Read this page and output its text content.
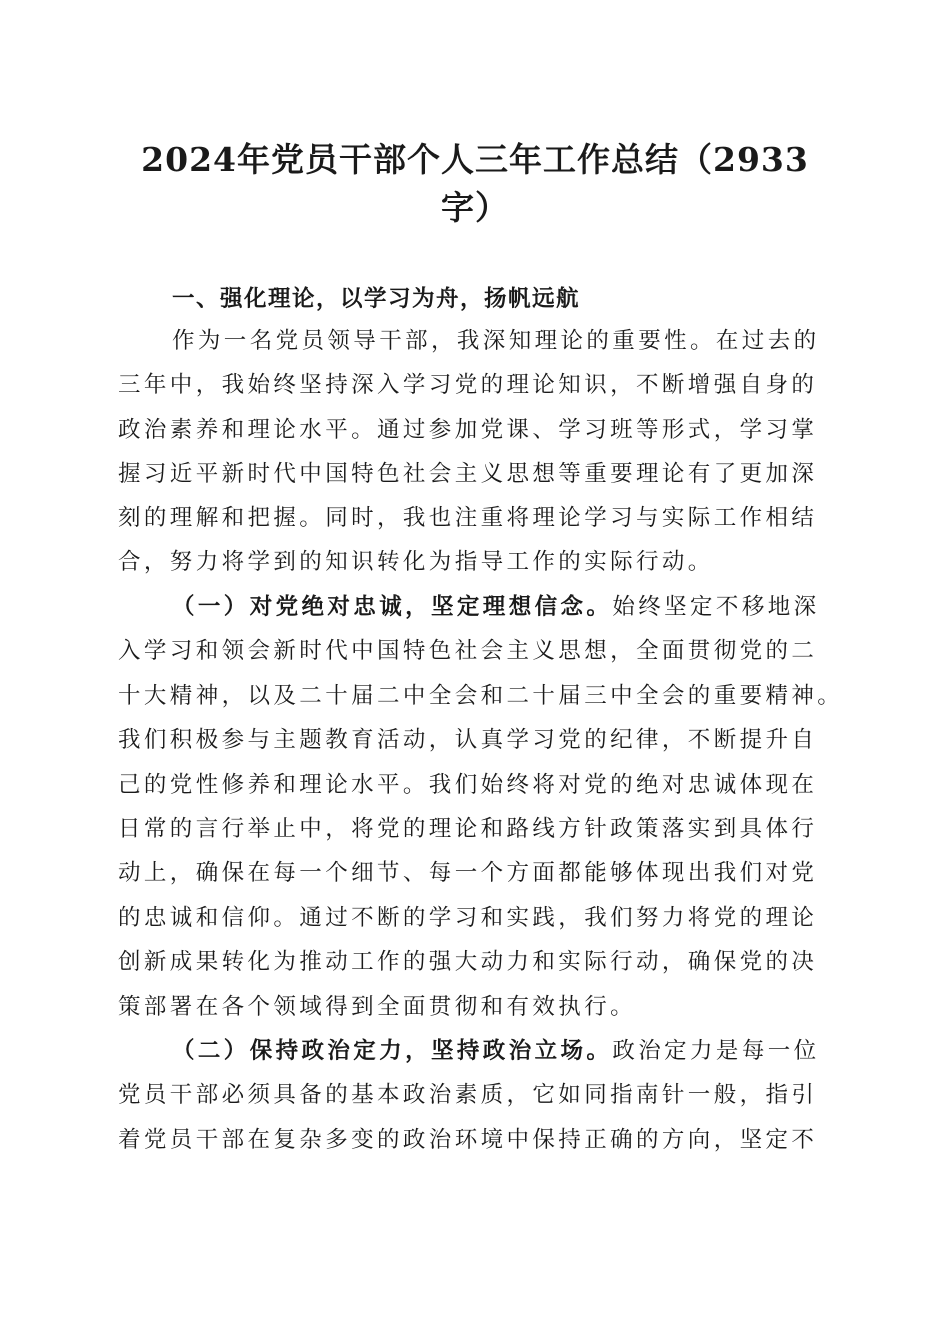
2024年党员干部个人三年工作总结（2933
字）

一、强化理论，以学习为舟，扬帆远航

作为一名党员领导干部，我深知理论的重要性。在过去的

三年中，我始终坚持深入学习党的理论知识，不断增强自身的

政治素养和理论水平。通过参加党课、学习班等形式，学习掌

握习近平新时代中国特色社会主义思想等重要理论有了更加深

刻的理解和把握。同时，我也注重将理论学习与实际工作相结

合，努力将学到的知识转化为指导工作的实际行动。

（一）对党绝对忠诚，坚定理想信念。始终坚定不移地深

入学习和领会新时代中国特色社会主义思想，全面贯彻党的二

十大精神，以及二十届二中全会和二十届三中全会的重要精神。

我们积极参与主题教育活动，认真学习党的纪律，不断提升自

己的党性修养和理论水平。我们始终将对党的绝对忠诚体现在

日常的言行举止中，将党的理论和路线方针政策落实到具体行

动上，确保在每一个细节、每一个方面都能够体现出我们对党

的忠诚和信仰。通过不断的学习和实践，我们努力将党的理论

创新成果转化为推动工作的强大动力和实际行动，确保党的决

策部署在各个领域得到全面贯彻和有效执行。

（二）保持政治定力，坚持政治立场。政治定力是每一位

党员干部必须具备的基本政治素质，它如同指南针一般，指引

着党员干部在复杂多变的政治环境中保持正确的方向，坚定不
